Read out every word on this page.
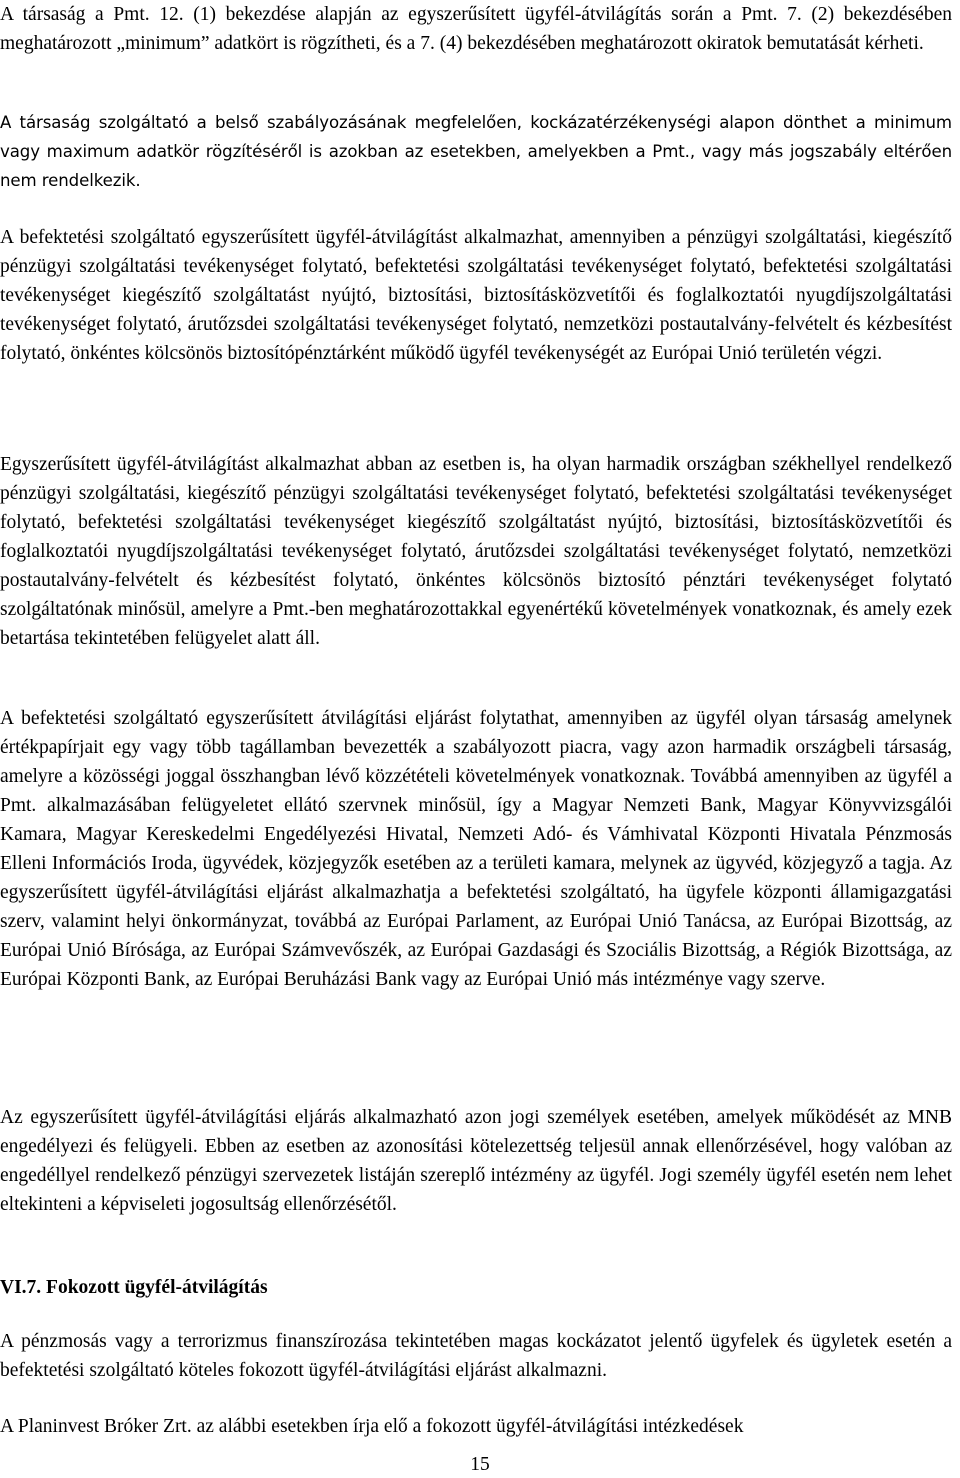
A társaság a Pmt. 12. (1) bekezdése alapján az egyszerűsített ügyfél-átvilágítás során a Pmt. 7. (2) bekezdésében meghatározott „minimum” adatkört is rögzítheti, és a 7. (4) bekezdésében meghatározott okiratok bemutatását kérheti.

A társaság szolgáltató a belső szabályozásának megfelelően, kockázatérzékenységi alapon dönthet a minimum vagy maximum adatkör rögzítéséről is azokban az esetekben, amelyekben a Pmt., vagy más jogszabály eltérően nem rendelkezik.

A befektetési szolgáltató egyszerűsített ügyfél-átvilágítást alkalmazhat, amennyiben a pénzügyi szolgáltatási, kiegészítő pénzügyi szolgáltatási tevékenységet folytató, befektetési szolgáltatási tevékenységet folytató, befektetési szolgáltatási tevékenységet kiegészítő szolgáltatást nyújtó, biztosítási, biztosításközvetítői és foglalkoztatói nyugdíjszolgáltatási tevékenységet folytató, árutőzsdei szolgáltatási tevékenységet folytató, nemzetközi postautalvány-felvételt és kézbesítést folytató, önkéntes kölcsönös biztosítópénztárként működő ügyfél tevékenységét az Európai Unió területén végzi.

Egyszerűsített ügyfél-átvilágítást alkalmazhat abban az esetben is, ha olyan harmadik országban székhellyel rendelkező pénzügyi szolgáltatási, kiegészítő pénzügyi szolgáltatási tevékenységet folytató, befektetési szolgáltatási tevékenységet folytató, befektetési szolgáltatási tevékenységet kiegészítő szolgáltatást nyújtó, biztosítási, biztosításközvetítői és foglalkoztatói nyugdíjszolgáltatási tevékenységet folytató, árutőzsdei szolgáltatási tevékenységet folytató, nemzetközi postautalvány-felvételt és kézbesítést folytató, önkéntes kölcsönös biztosító pénztári tevékenységet folytató szolgáltatónak minősül, amelyre a Pmt.-ben meghatározottakkal egyenértékű követelmények vonatkoznak, és amely ezek betartása tekintetében felügyelet alatt áll.

A befektetési szolgáltató egyszerűsített átvilágítási eljárást folytathat, amennyiben az ügyfél olyan társaság amelynek értékpapírjait egy vagy több tagállamban bevezették a szabályozott piacra, vagy azon harmadik országbeli társaság, amelyre a közösségi joggal összhangban lévő közzétételi követelmények vonatkoznak. Továbbá amennyiben az ügyfél a Pmt. alkalmazásában felügyeletet ellátó szervnek minősül, így a Magyar Nemzeti Bank, Magyar Könyvvizsgálói Kamara, Magyar Kereskedelmi Engedélyezési Hivatal, Nemzeti Adó- és Vámhivatal Központi Hivatala Pénzmosás Elleni Információs Iroda, ügyvédek, közjegyzők esetében az a területi kamara, melynek az ügyvéd, közjegyző a tagja. Az egyszerűsített ügyfél-átvilágítási eljárást alkalmazhatja a befektetési szolgáltató, ha ügyfele központi államigazgatási szerv, valamint helyi önkormányzat, továbbá az Európai Parlament, az Európai Unió Tanácsa, az Európai Bizottság, az Európai Unió Bírósága, az Európai Számvevőszék, az Európai Gazdasági és Szociális Bizottság, a Régiók Bizottsága, az Európai Központi Bank, az Európai Beruházási Bank vagy az Európai Unió más intézménye vagy szerve.

Az egyszerűsített ügyfél-átvilágítási eljárás alkalmazható azon jogi személyek esetében, amelyek működését az MNB engedélyezi és felügyeli. Ebben az esetben az azonosítási kötelezettség teljesül annak ellenőrzésével, hogy valóban az engedéllyel rendelkező pénzügyi szervezetek listáján szereplő intézmény az ügyfél. Jogi személy ügyfél esetén nem lehet eltekinteni a képviseleti jogosultság ellenőrzésétől.

VI.7. Fokozott ügyfél-átvilágítás

A pénzmosás vagy a terrorizmus finanszírozása tekintetében magas kockázatot jelentő ügyfelek és ügyletek esetén a befektetési szolgáltató köteles fokozott ügyfél-átvilágítási eljárást alkalmazni.

A Planinvest Bróker Zrt. az alábbi esetekben írja elő a fokozott ügyfél-átvilágítási intézkedések

15
